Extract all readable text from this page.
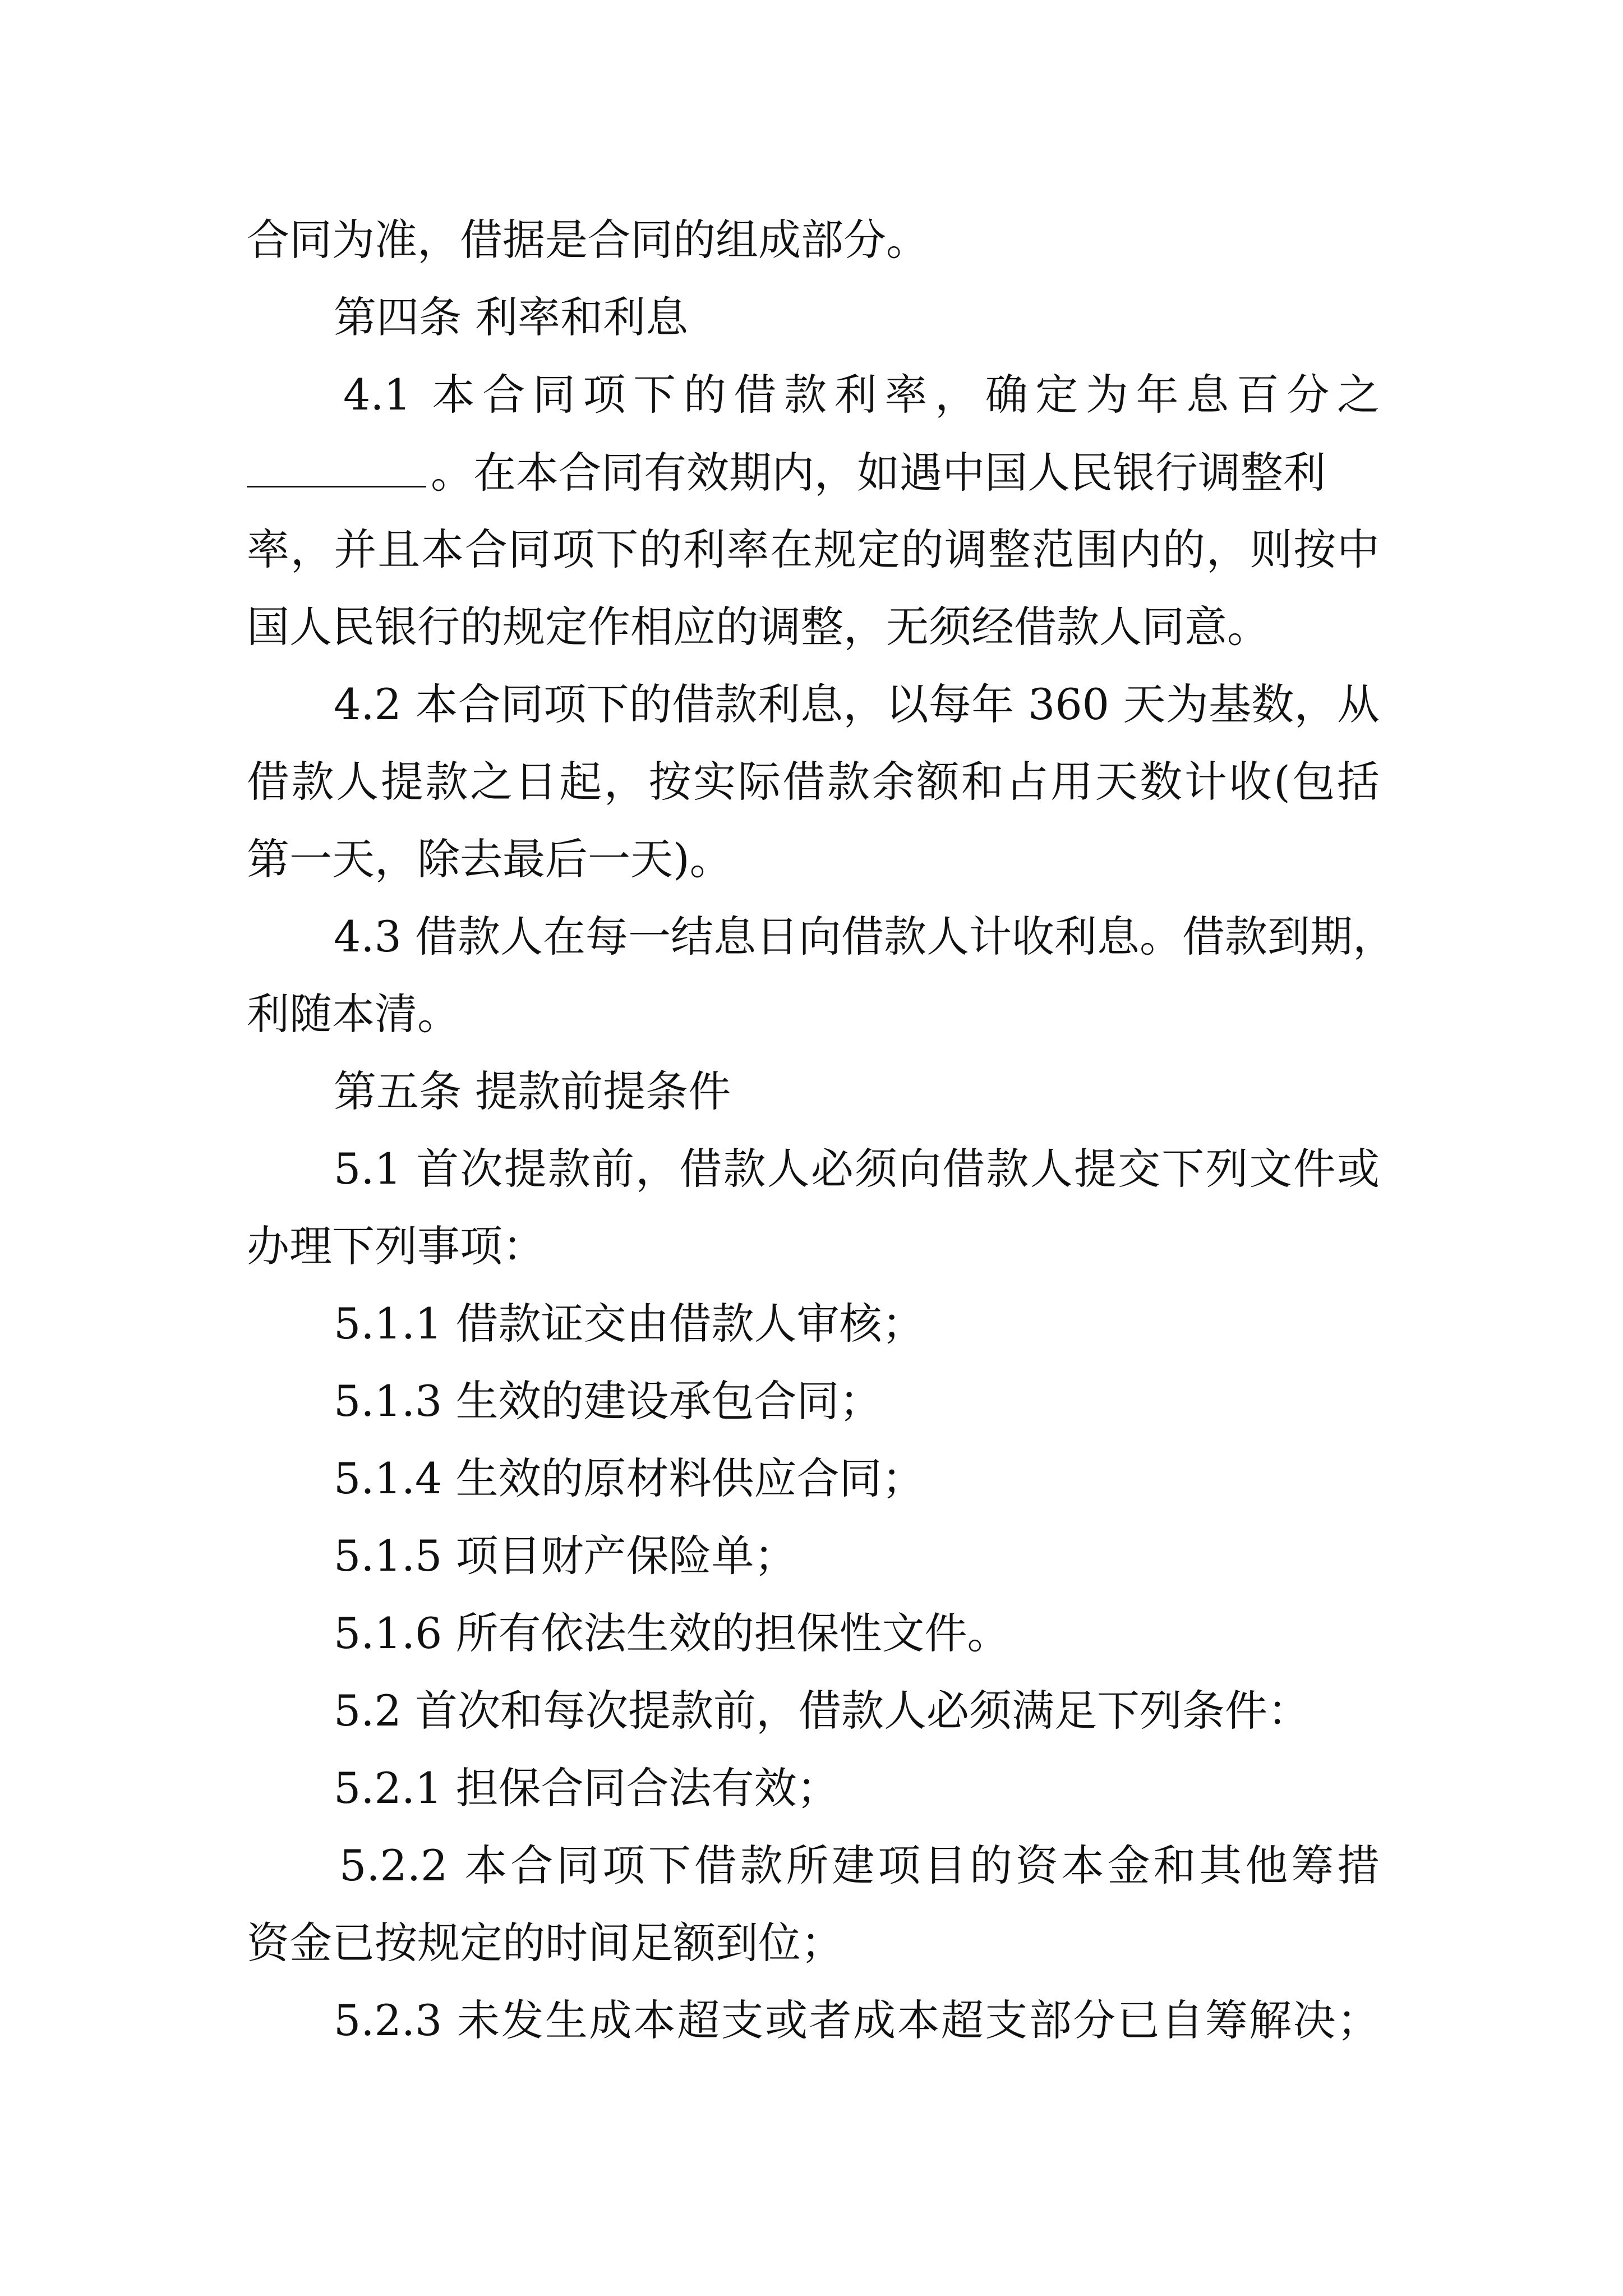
合同为准，借据是合同的组成部分。
第四条 利率和利息
4.1 本合同项下的借款利率，确定为年息百分之
。在本合同有效期内，如遇中国人民银行调整利
率，并且本合同项下的利率在规定的调整范围内的，则按中
国人民银行的规定作相应的调整，无须经借款人同意。
4.2 本合同项下的借款利息，以每年 360 天为基数，从
借款人提款之日起，按实际借款余额和占用天数计收(包括
第一天，除去最后一天)。
4.3 借款人在每一结息日向借款人计收利息。借款到期，
利随本清。
第五条 提款前提条件
5.1 首次提款前，借款人必须向借款人提交下列文件或
办理下列事项：
5.1.1 借款证交由借款人审核；
5.1.3 生效的建设承包合同；
5.1.4 生效的原材料供应合同；
5.1.5 项目财产保险单；
5.1.6 所有依法生效的担保性文件。
5.2 首次和每次提款前，借款人必须满足下列条件：
5.2.1 担保合同合法有效；
5.2.2 本合同项下借款所建项目的资本金和其他筹措
资金已按规定的时间足额到位；
5.2.3 未发生成本超支或者成本超支部分已自筹解决；
